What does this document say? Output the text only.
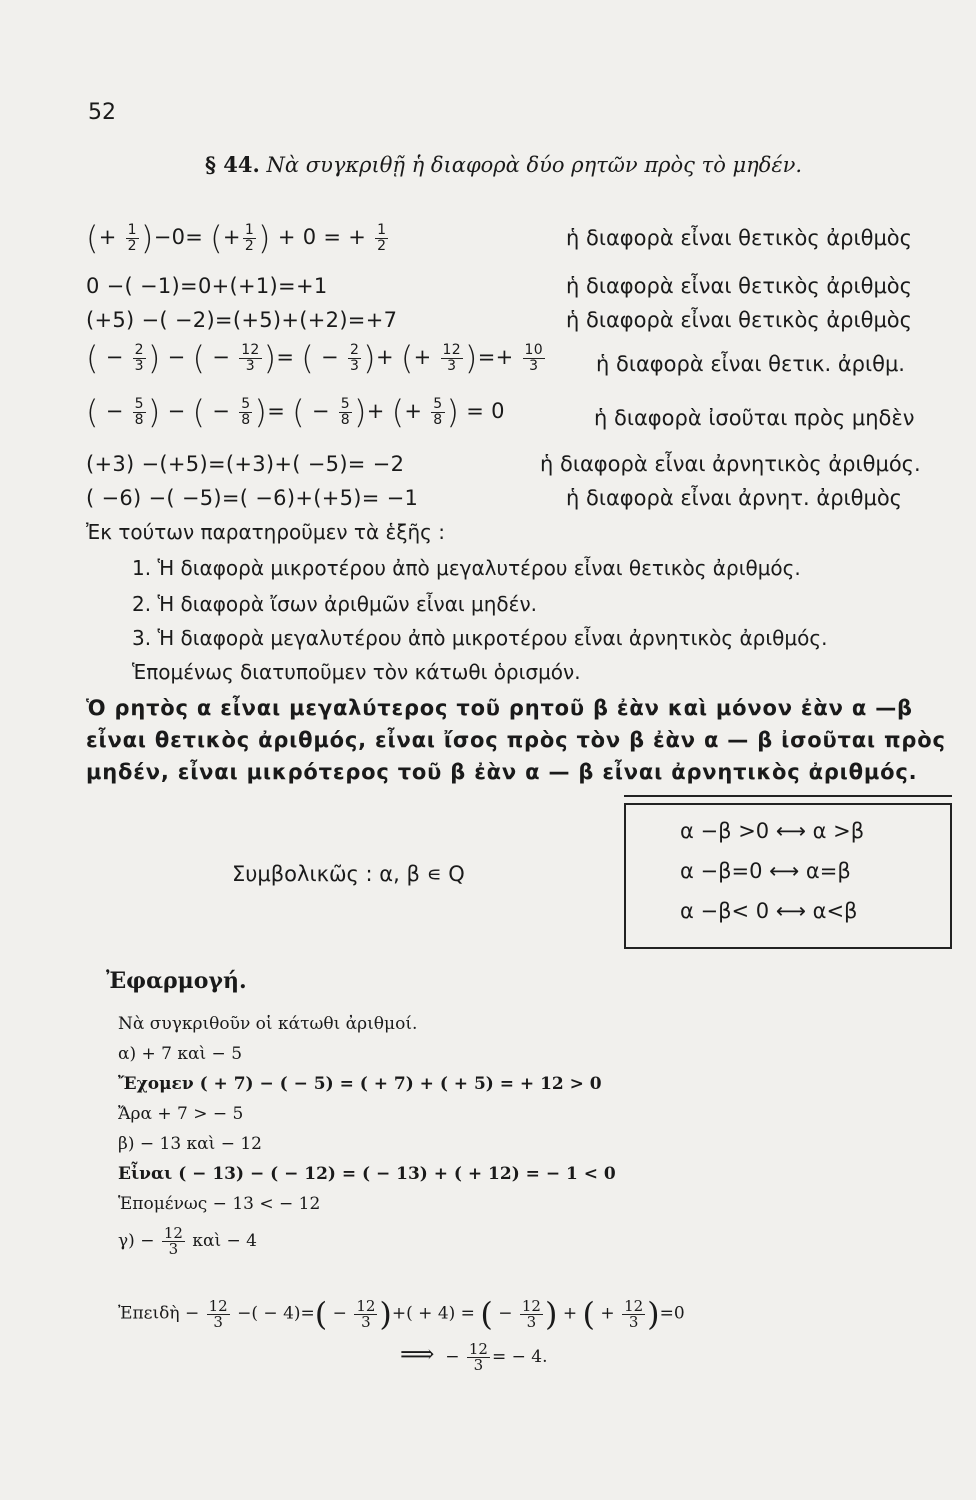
52
§ 44. Νὰ συγκριθῇ ἡ διαφορὰ δύο ρητῶν πρὸς τὸ μηδέν.
(+ $\frac{1}{2} )-0=$ (+ $\frac{1}{2}$ ) + 0 = + $\frac{1}{2}$	ἡ διαφορὰ εἶναι θετικὸς ἀριθμὸς
0 −( −1)=0+(+1)=+1	ἡ διαφορὰ εἶναι θετικὸς ἀριθμὸς
(+5) −( −2)=(+5)+(+2)=+7	ἡ διαφορὰ εἶναι θετικὸς ἀριθμὸς
( − $\frac{2}{3}$ ) − ( − $\frac{12}{3}$ )= ( − $\frac{2}{3}$ )+ (+ $\frac{12}{3}$ )=+ $\frac{10}{3}$ ἡ διαφορὰ εἶναι θετικ. ἀριθμ.
( − $\frac{5}{8}$ ) − ( − $\frac{5}{8}$ )= ( − $\frac{5}{8}$ )+ (+ $\frac{5}{8}$ ) = 0	ἡ διαφορὰ ἰσοῦται πρὸς μηδὲν
(+3) −(+5)=(+3)+( −5)= −2	ἡ διαφορὰ εἶναι ἀρνητικὸς ἀριθμός.
( −6) −( −5)=( −6)+(+5)= −1	ἡ διαφορὰ εἶναι ἀρνητ. ἀριθμὸς
Ἐκ τούτων παρατηροῦμεν τὰ ἑξῆς :
1. Ἡ διαφορὰ μικροτέρου ἀπὸ μεγαλυτέρου εἶναι θετικὸς ἀριθμός.
2. Ἡ διαφορὰ ἴσων ἀριθμῶν εἶναι μηδέν.
3. Ἡ διαφορὰ μεγαλυτέρου ἀπὸ μικροτέρου εἶναι ἀρνητικὸς ἀριθμός.
Ἑπομένως διατυποῦμεν τὸν κάτωθι ὁρισμόν.
Ὁ ρητὸς α εἶναι μεγαλύτερος τοῦ ρητοῦ β ἐὰν καὶ μόνον ἐὰν α —β
εἶναι θετικὸς ἀριθμός, εἶναι ἴσος πρὸς τὸν β ἐὰν α — β ἰσοῦται πρὸς
μηδέν, εἶναι μικρότερος τοῦ β ἐὰν α — β εἶναι ἀρνητικὸς ἀριθμός.
Συμβολικῶς : α, β ∊ Q
α −β >0 ⟷ α >β
α −β=0 ⟷ α=β
α −β< 0 ⟷ α<β
Ἐφαρμογή.
Νὰ συγκριθοῦν οἱ κάτωθι ἀριθμοί.
α) + 7 καὶ − 5
Ἔχομεν ( + 7) − ( − 5) = ( + 7) + ( + 5) = + 12 > 0
Ἄρα + 7 > − 5
β) − 13 καὶ − 12
Εἶναι ( − 13) − ( − 12) = ( − 13) + ( + 12) = − 1 < 0
Ἑπομένως − 13 < − 12
$\gamma) - \frac{12}{3}$ καὶ − 4
Ἐπειδὴ − $\frac{12}{3}$ −( − $4)=( - \frac{12}{3}$ )+( + 4) = ( − $\frac{12}{3}$ ) + ( + $\frac{12}{3} )=0$
⟹  − $\frac{12}{3}$ = − 4.
